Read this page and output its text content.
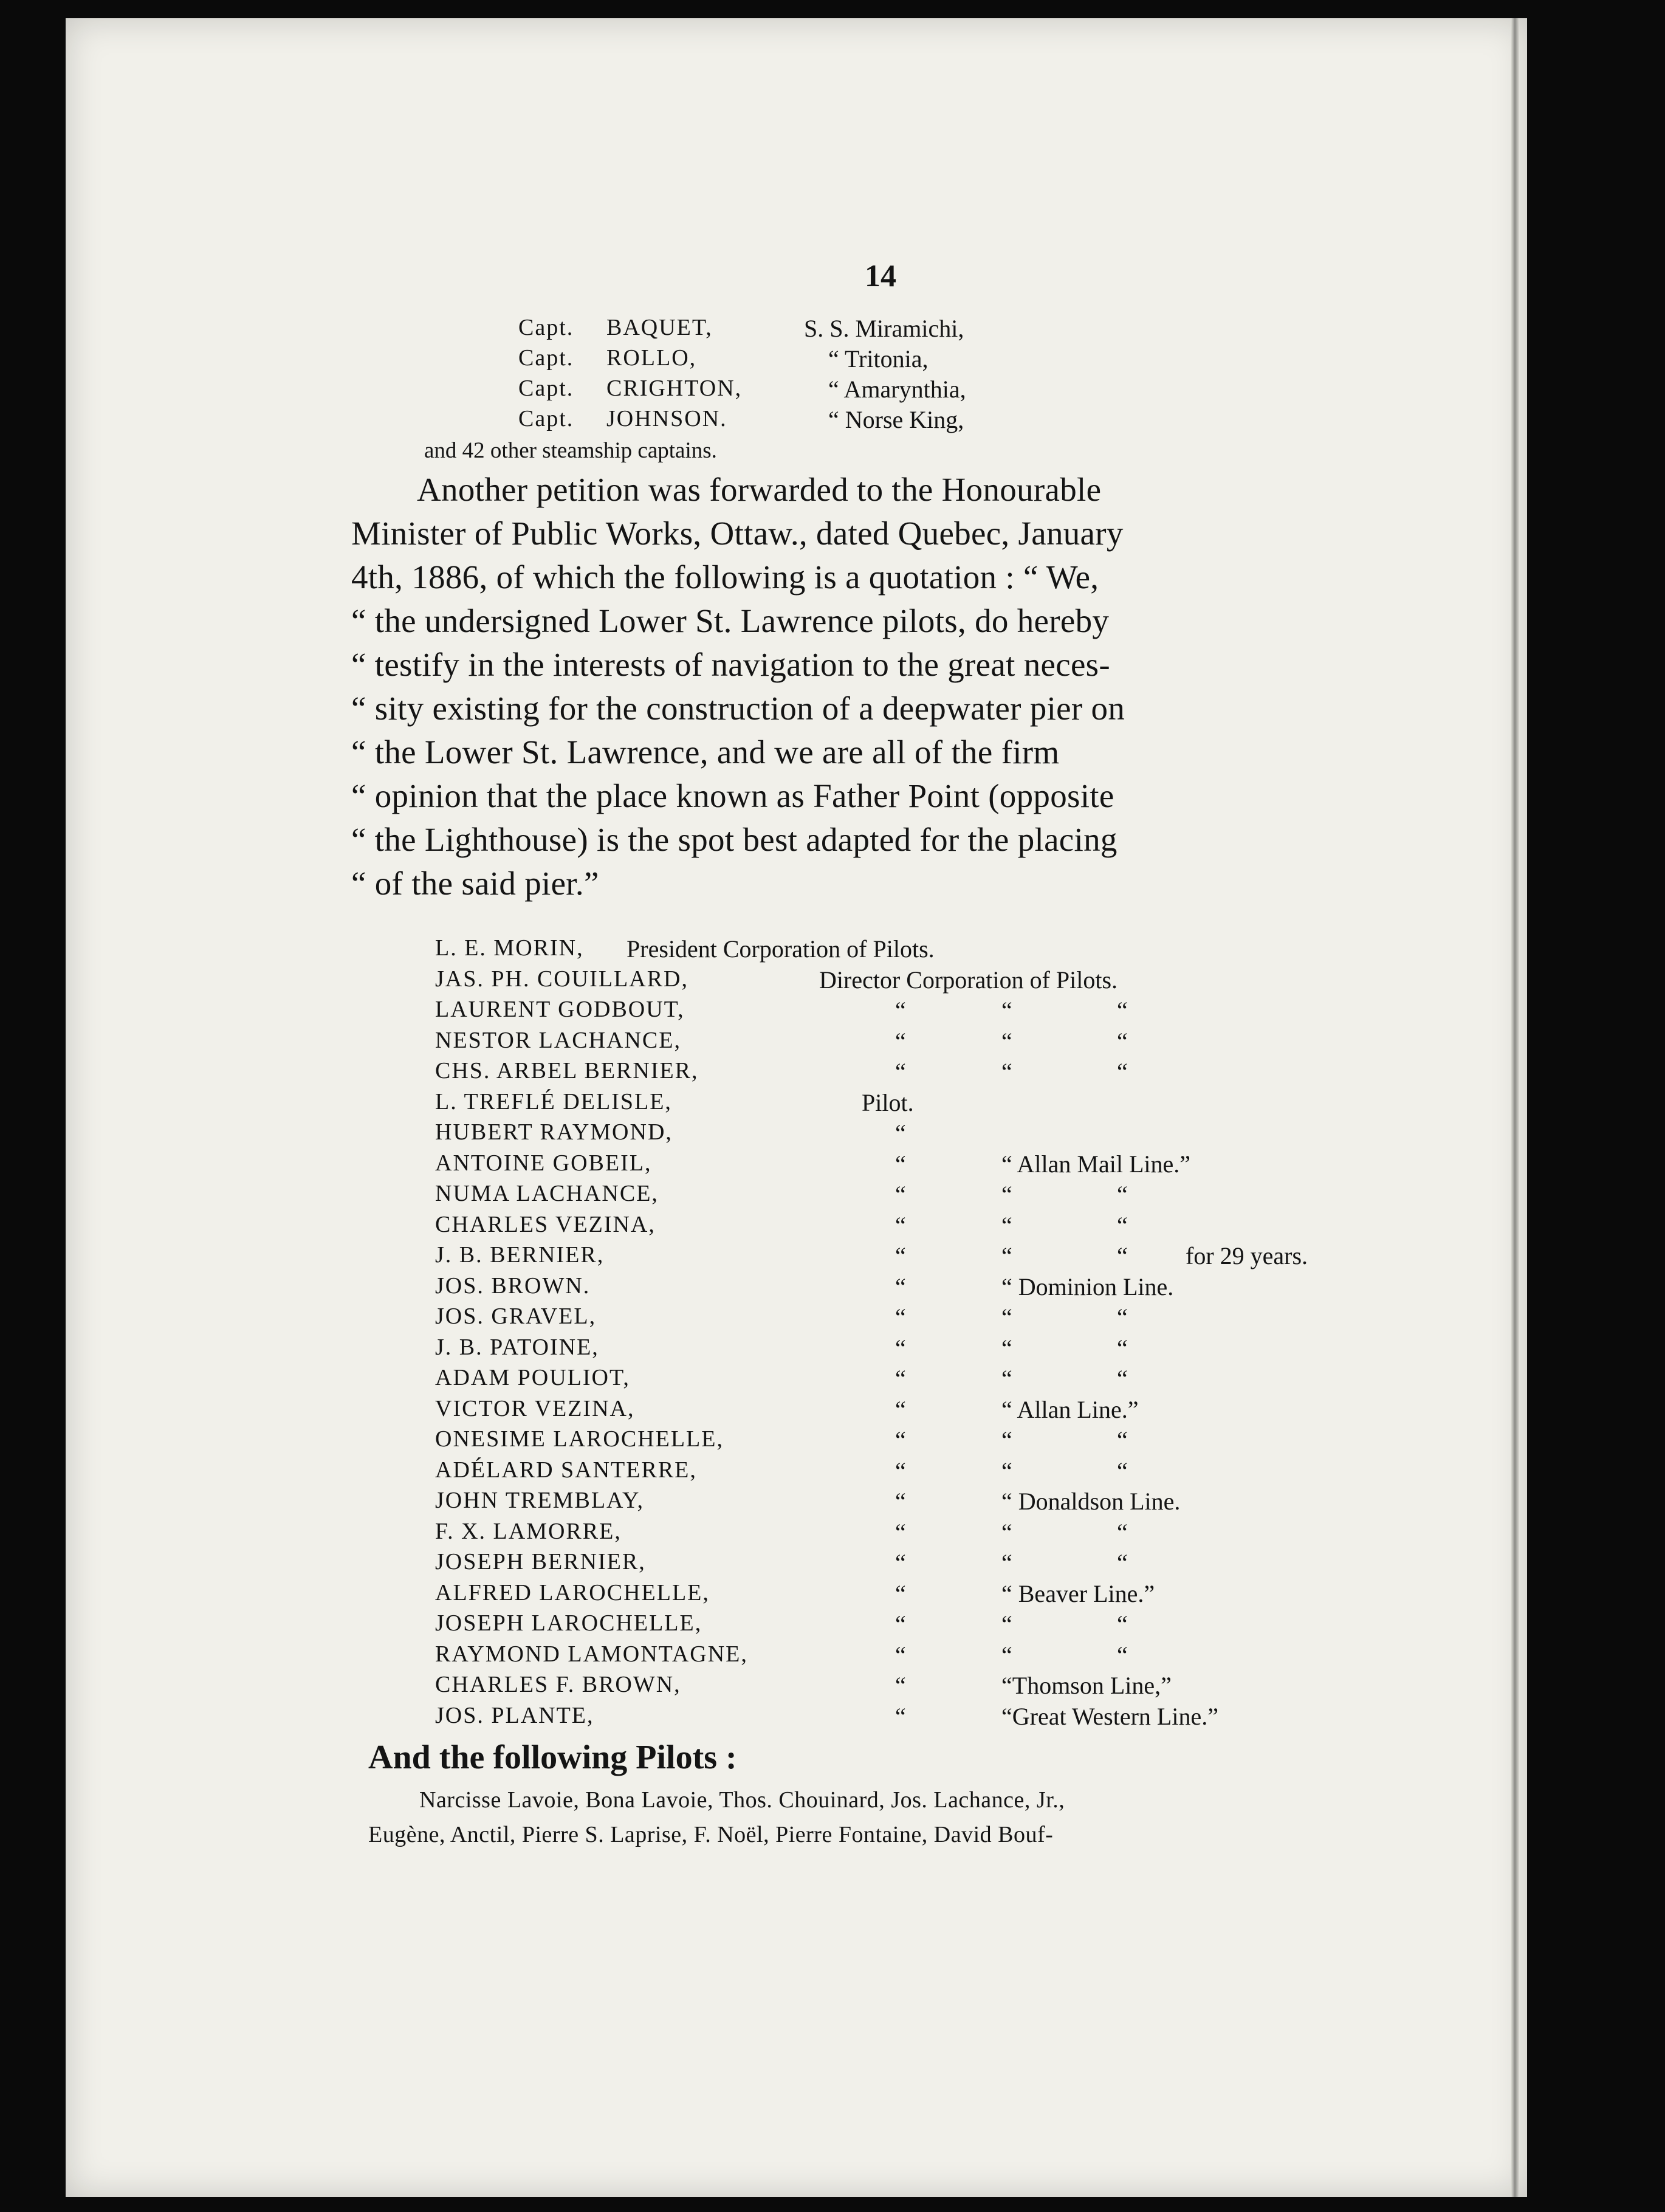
14
Capt. BAQUET,	S. S. Miramichi,
Capt. ROLLO,	“ Tritonia,
Capt. CRIGHTON,	“ Amarynthia,
Capt. JOHNSON.	“ Norse King,
and 42 other steamship captains.
Another petition was forwarded to the Honourable
Minister of Public Works, Ottaw., dated Quebec, January
4th, 1886, of which the following is a quotation : “ We,
“ the undersigned Lower St. Lawrence pilots, do hereby
“ testify in the interests of navigation to the great neces-
“ sity existing for the construction of a deepwater pier on
“ the Lower St. Lawrence, and we are all of the firm
“ opinion that the place known as Father Point (opposite
“ the Lighthouse) is the spot best adapted for the placing
“ of the said pier.”
L. E. MORIN, President Corporation of Pilots.
JAS. PH. COUILLARD,	Director Corporation of Pilots.
LAURENT GODBOUT,	“	“	“
NESTOR LACHANCE,	“	“	“
CHS. ARBEL BERNIER,	“	“	“
L. TREFLÉ DELISLE,	Pilot.
HUBERT RAYMOND,	“
ANTOINE GOBEIL,	“	“ Allan Mail Line.”
NUMA LACHANCE,	“	“	“
CHARLES VEZINA,	“	“	“
J. B. BERNIER,	“	“	“ for 29 years.
JOS. BROWN.	“	“ Dominion Line.
JOS. GRAVEL,	“	“	“
J. B. PATOINE,	“	“	“
ADAM POULIOT,	“	“	“
VICTOR VEZINA,	“	“ Allan Line.”
ONESIME LAROCHELLE,	“	“	“
ADÉLARD SANTERRE,	“	“	“
JOHN TREMBLAY,	“	“ Donaldson Line.
F. X. LAMORRE,	“	“	“
JOSEPH BERNIER,	“	“	“
ALFRED LAROCHELLE,	“	“ Beaver Line.”
JOSEPH LAROCHELLE,	“	“	“
RAYMOND LAMONTAGNE,	“	“	“
CHARLES F. BROWN,	“	“Thomson Line,”
JOS. PLANTE,	“	“Great Western Line.”
And the following Pilots :
Narcisse Lavoie, Bona Lavoie, Thos. Chouinard, Jos. Lachance, Jr.,
Eugène, Anctil, Pierre S. Laprise, F. Noël, Pierre Fontaine, David Bouf-
